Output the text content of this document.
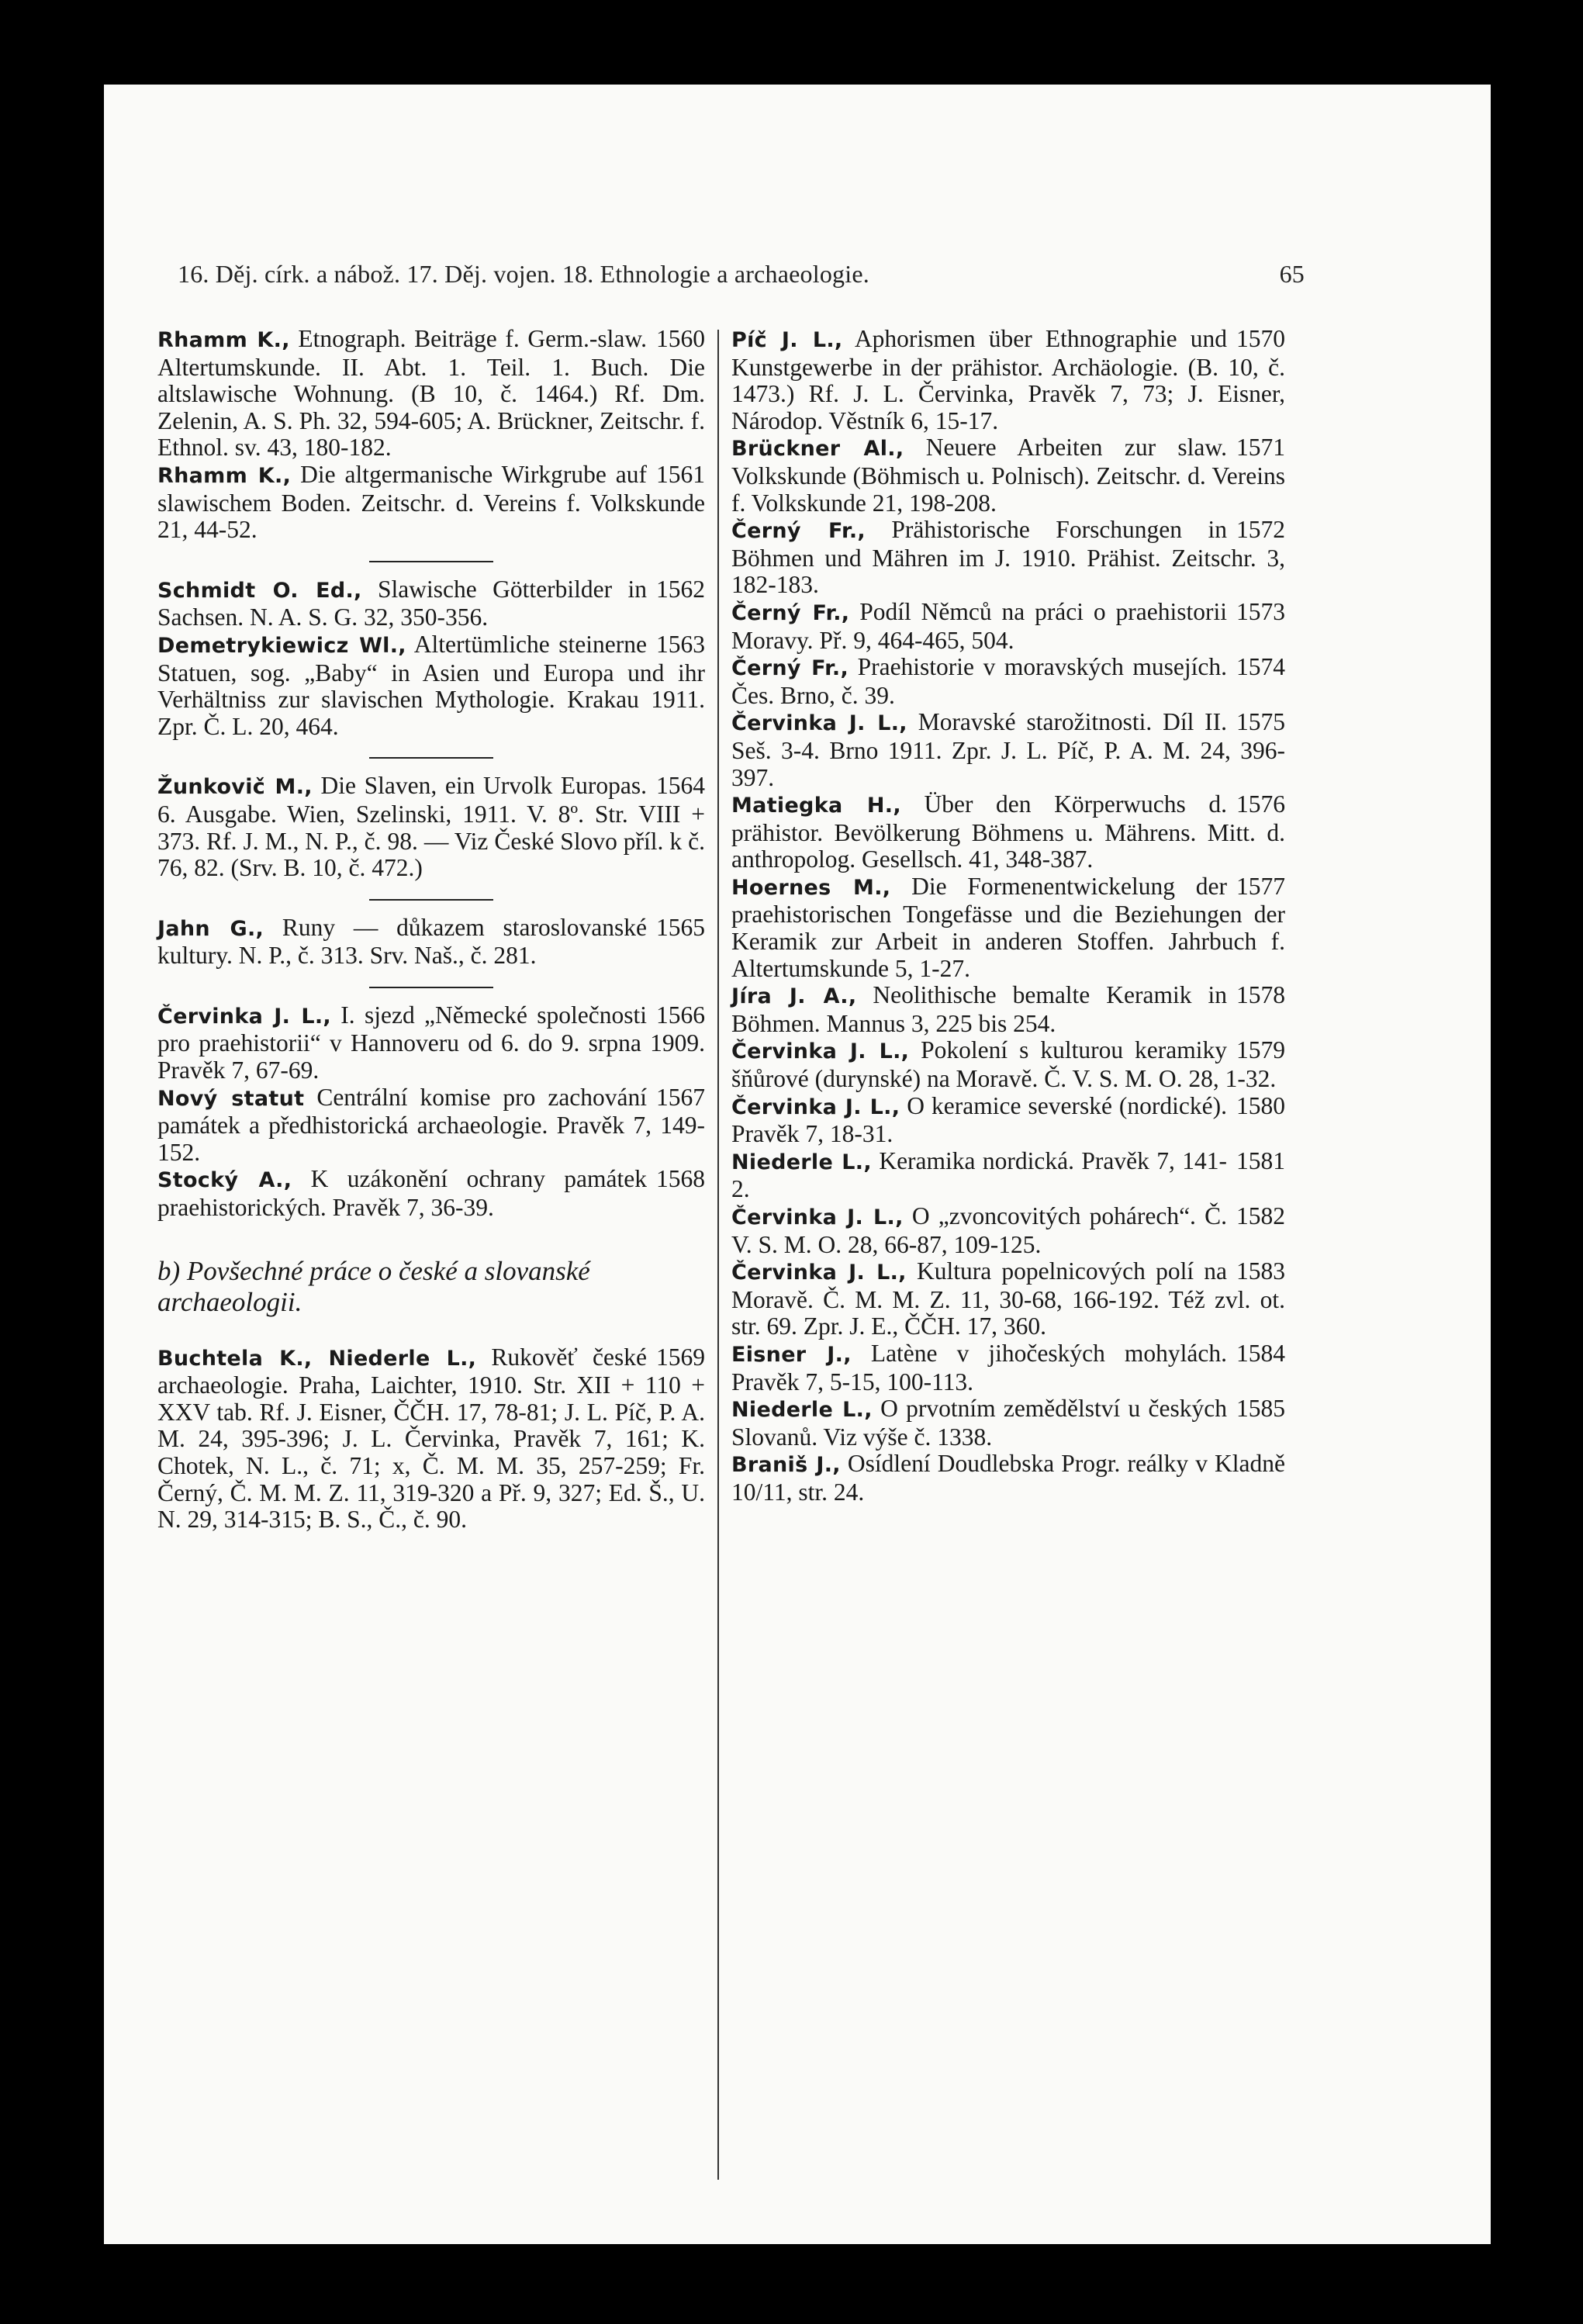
16. Děj. círk. a nábož. 17. Děj. vojen. 18. Ethnologie a archaeologie.	65

1560
Rhamm K., Etnograph. Beiträge f. Germ.-slaw. Altertumskunde. II. Abt. 1. Teil. 1. Buch. Die altslawische Wohnung. (B 10, č. 1464.) Rf. Dm. Zelenin, A. S. Ph. 32, 594-605; A. Brückner, Zeitschr. f. Ethnol. sv. 43, 180-182.

1561
Rhamm K., Die altgermanische Wirkgrube auf slawischem Boden. Zeitschr. d. Vereins f. Volkskunde 21, 44-52.

1562
Schmidt O. Ed., Slawische Götterbilder in Sachsen. N. A. S. G. 32, 350-356.

1563
Demetrykiewicz Wl., Altertümliche steinerne Statuen, sog. „Baby“ in Asien und Europa und ihr Verhältniss zur slavischen Mythologie. Krakau 1911. Zpr. Č. L. 20, 464.

1564
Žunkovič M., Die Slaven, ein Urvolk Europas. 6. Ausgabe. Wien, Szelinski, 1911. V. 8º. Str. VIII + 373. Rf. J. M., N. P., č. 98. — Viz České Slovo příl. k č. 76, 82. (Srv. B. 10, č. 472.)

1565
Jahn G., Runy — důkazem staroslovanské kultury. N. P., č. 313. Srv. Naš., č. 281.

1566
Červinka J. L., I. sjezd „Německé společnosti pro praehistorii“ v Hannoveru od 6. do 9. srpna 1909. Pravěk 7, 67-69.

1567
Nový statut Centrální komise pro zachování památek a předhistorická archaeologie. Pravěk 7, 149-152.

1568
Stocký A., K uzákonění ochrany památek praehistorických. Pravěk 7, 36-39.

b) Povšechné práce o české a slovanské archaeologii.

1569
Buchtela K., Niederle L., Rukověť české archaeologie. Praha, Laichter, 1910. Str. XII + 110 + XXV tab. Rf. J. Eisner, ČČH. 17, 78-81; J. L. Píč, P. A. M. 24, 395-396; J. L. Červinka, Pravěk 7, 161; K. Chotek, N. L., č. 71; x, Č. M. M. 35, 257-259; Fr. Černý, Č. M. M. Z. 11, 319-320 a Př. 9, 327; Ed. Š., U. N. 29, 314-315; B. S., Č., č. 90.

1570
Píč J. L., Aphorismen über Ethnographie und Kunstgewerbe in der prähistor. Archäologie. (B. 10, č. 1473.) Rf. J. L. Červinka, Pravěk 7, 73; J. Eisner, Národop. Věstník 6, 15-17.

1571
Brückner Al., Neuere Arbeiten zur slaw. Volkskunde (Böhmisch u. Polnisch). Zeitschr. d. Vereins f. Volkskunde 21, 198-208.

1572
Černý Fr., Prähistorische Forschungen in Böhmen und Mähren im J. 1910. Prähist. Zeitschr. 3, 182-183.

1573
Černý Fr., Podíl Němců na práci o praehistorii Moravy. Př. 9, 464-465, 504.

1574
Černý Fr., Praehistorie v moravských musejích. Čes. Brno, č. 39.

1575
Červinka J. L., Moravské starožitnosti. Díl II. Seš. 3-4. Brno 1911. Zpr. J. L. Píč, P. A. M. 24, 396-397.

1576
Matiegka H., Über den Körperwuchs d. prähistor. Bevölkerung Böhmens u. Mährens. Mitt. d. anthropolog. Gesellsch. 41, 348-387.

1577
Hoernes M., Die Formenentwickelung der praehistorischen Tongefässe und die Beziehungen der Keramik zur Arbeit in anderen Stoffen. Jahrbuch f. Altertumskunde 5, 1-27.

1578
Jíra J. A., Neolithische bemalte Keramik in Böhmen. Mannus 3, 225 bis 254.

1579
Červinka J. L., Pokolení s kulturou keramiky šňůrové (durynské) na Moravě. Č. V. S. M. O. 28, 1-32.

1580
Červinka J. L., O keramice severské (nordické). Pravěk 7, 18-31.

1581
Niederle L., Keramika nordická. Pravěk 7, 141-2.

1582
Červinka J. L., O „zvoncovitých pohárech“. Č. V. S. M. O. 28, 66-87, 109-125.

1583
Červinka J. L., Kultura popelnicových polí na Moravě. Č. M. M. Z. 11, 30-68, 166-192. Též zvl. ot. str. 69. Zpr. J. E., ČČH. 17, 360.

1584
Eisner J., Latène v jihočeských mohylách. Pravěk 7, 5-15, 100-113.

1585
Niederle L., O prvotním zemědělství u českých Slovanů. Viz výše č. 1338.

Braniš J., Osídlení Doudlebska Progr. reálky v Kladně 10/11, str. 24.
